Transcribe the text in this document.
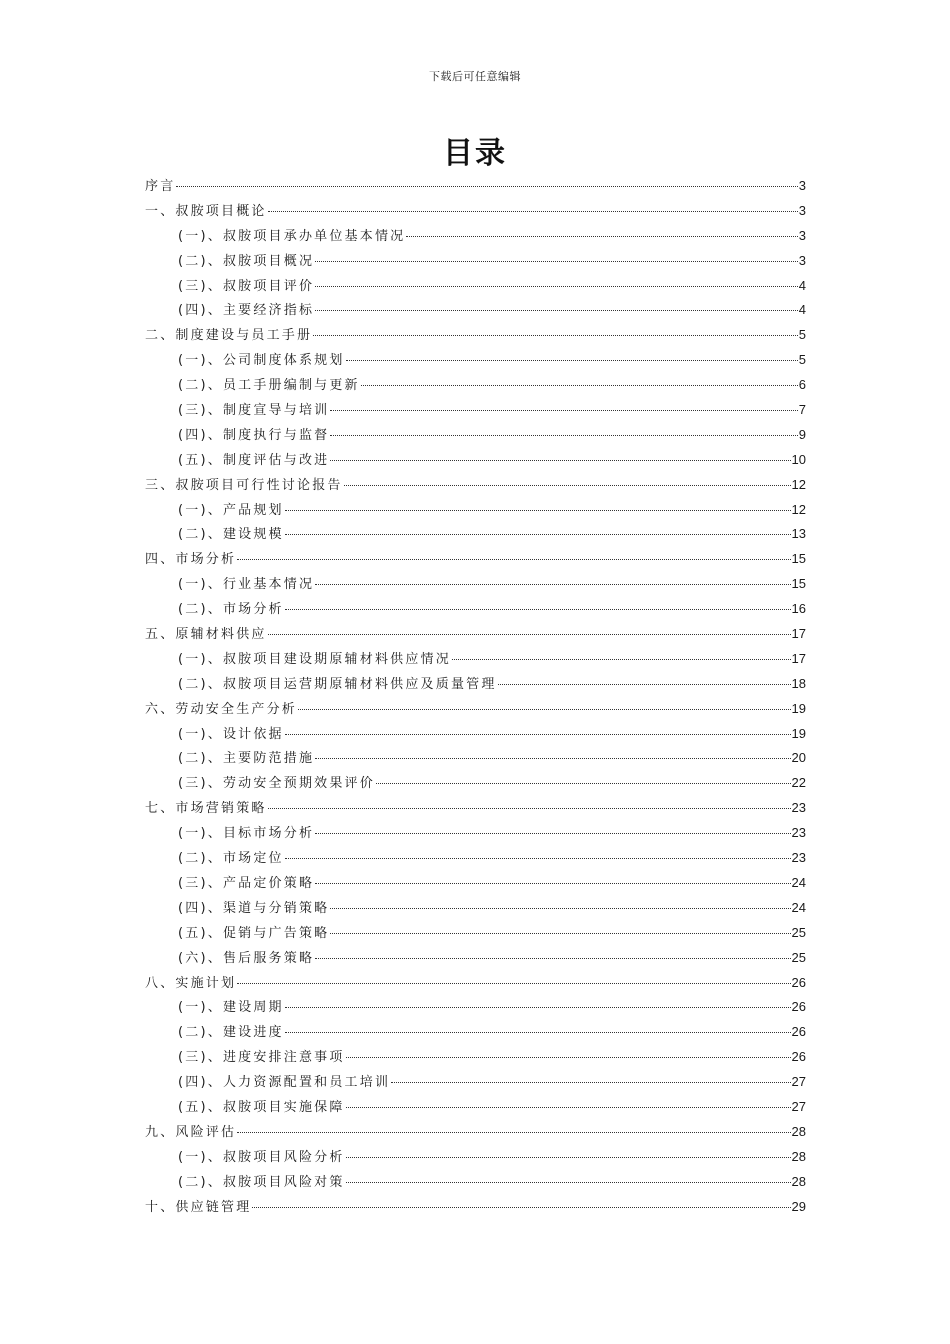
下载后可任意编辑
目录
序言	3
一、叔胺项目概论	3
(一)、叔胺项目承办单位基本情况	3
(二)、叔胺项目概况	3
(三)、叔胺项目评价	4
(四)、主要经济指标	4
二、制度建设与员工手册	5
(一)、公司制度体系规划	5
(二)、员工手册编制与更新	6
(三)、制度宣导与培训	7
(四)、制度执行与监督	9
(五)、制度评估与改进	10
三、叔胺项目可行性讨论报告	12
(一)、产品规划	12
(二)、建设规模	13
四、市场分析	15
(一)、行业基本情况	15
(二)、市场分析	16
五、原辅材料供应	17
(一)、叔胺项目建设期原辅材料供应情况	17
(二)、叔胺项目运营期原辅材料供应及质量管理	18
六、劳动安全生产分析	19
(一)、设计依据	19
(二)、主要防范措施	20
(三)、劳动安全预期效果评价	22
七、市场营销策略	23
(一)、目标市场分析	23
(二)、市场定位	23
(三)、产品定价策略	24
(四)、渠道与分销策略	24
(五)、促销与广告策略	25
(六)、售后服务策略	25
八、实施计划	26
(一)、建设周期	26
(二)、建设进度	26
(三)、进度安排注意事项	26
(四)、人力资源配置和员工培训	27
(五)、叔胺项目实施保障	27
九、风险评估	28
(一)、叔胺项目风险分析	28
(二)、叔胺项目风险对策	28
十、供应链管理	29
